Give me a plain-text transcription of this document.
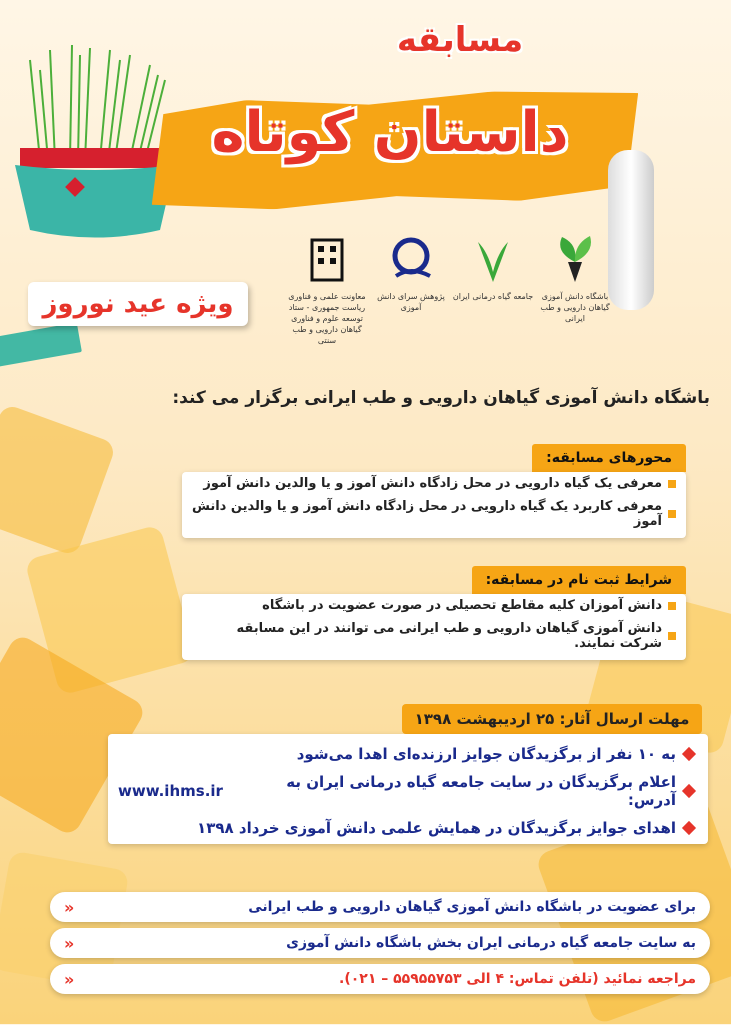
مسابقه
داستان کوتاه
باشگاه دانش آموزی گیاهان دارویی و طب ایرانی
جامعه گیاه درمانی ایران
پژوهش سرای دانش آموزی
معاونت علمی و فناوری ریاست جمهوری - ستاد توسعه علوم و فناوری گیاهان دارویی و طب سنتی
ویژه عید نوروز
باشگاه دانش آموزی گیاهان دارویی و طب ایرانی برگزار می کند:
محورهای مسابقه:
معرفی یک گیاه دارویی در محل زادگاه دانش آموز و یا والدین دانش آموز
معرفی کاربرد یک گیاه دارویی در محل زادگاه دانش آموز و یا والدین دانش آموز
شرایط ثبت نام در مسابقه:
دانش آموزان کلیه مقاطع تحصیلی در صورت عضویت در باشگاه
دانش آموزی گیاهان دارویی و طب ایرانی می توانند در این مسابقه شرکت نمایند.
مهلت ارسال آثار: ۲۵ اردیبهشت ۱۳۹۸
به ۱۰ نفر از برگزیدگان جوایز ارزنده‌ای اهدا می‌شود
اعلام برگزیدگان در سایت جامعه گیاه درمانی ایران به آدرس:
www.ihms.ir
اهدای جوایز برگزیدگان در همایش علمی دانش آموزی خرداد ۱۳۹۸
برای عضویت در باشگاه دانش آموزی گیاهان دارویی و طب ایرانی
«
به سایت جامعه گیاه درمانی ایران بخش باشگاه دانش آموزی
«
مراجعه نمائید (تلفن تماس: ۴ الی ۵۵۹۵۵۷۵۳ – ۰۲۱).
«
